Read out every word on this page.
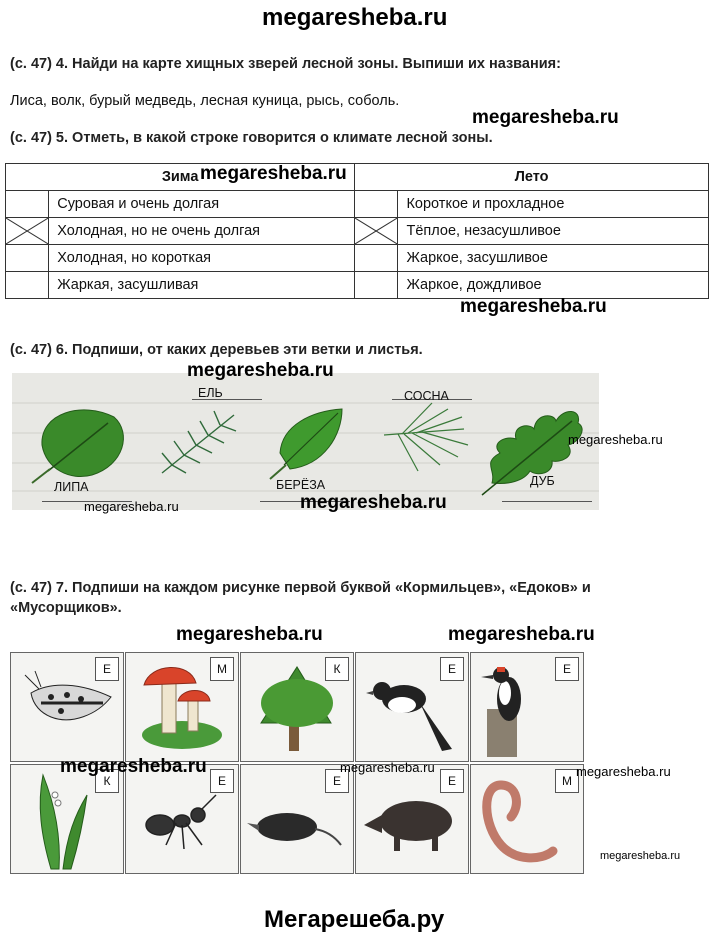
megaresheba.ru
(с. 47) 4. Найди на карте хищных зверей лесной зоны. Выпиши их названия:
Лиса, волк, бурый медведь, лесная куница, рысь, соболь.
megaresheba.ru
(с. 47) 5. Отметь, в какой строке говорится о климате лесной зоны.
Зима		Лето	
	Суровая и очень долгая		Короткое и прохладное

	Холодная, но не очень долгая		Тёплое, незасушливое
	Холодная, но короткая		Жаркое, засушливое
	Жаркая, засушливая		Жаркое, дождливое
megaresheba.ru
megaresheba.ru
(с. 47) 6. Подпиши, от каких деревьев эти ветки и листья.
ЕЛЬ	СОСНА
ЛИПА	БЕРЁЗА	ДУБ
megaresheba.ru
megaresheba.ru
megaresheba.ru	megaresheba.ru
(с. 47) 7. Подпиши на каждом рисунке первой буквой «Кормильцев», «Едоков» и
«Мусорщиков».
megaresheba.ru	megaresheba.ru
Е	М	К	Е	Е
К	Е	Е	Е	М
megaresheba.ru	megaresheba.ru	megaresheba.ru
megaresheba.ru
Мегарешеба.ру
